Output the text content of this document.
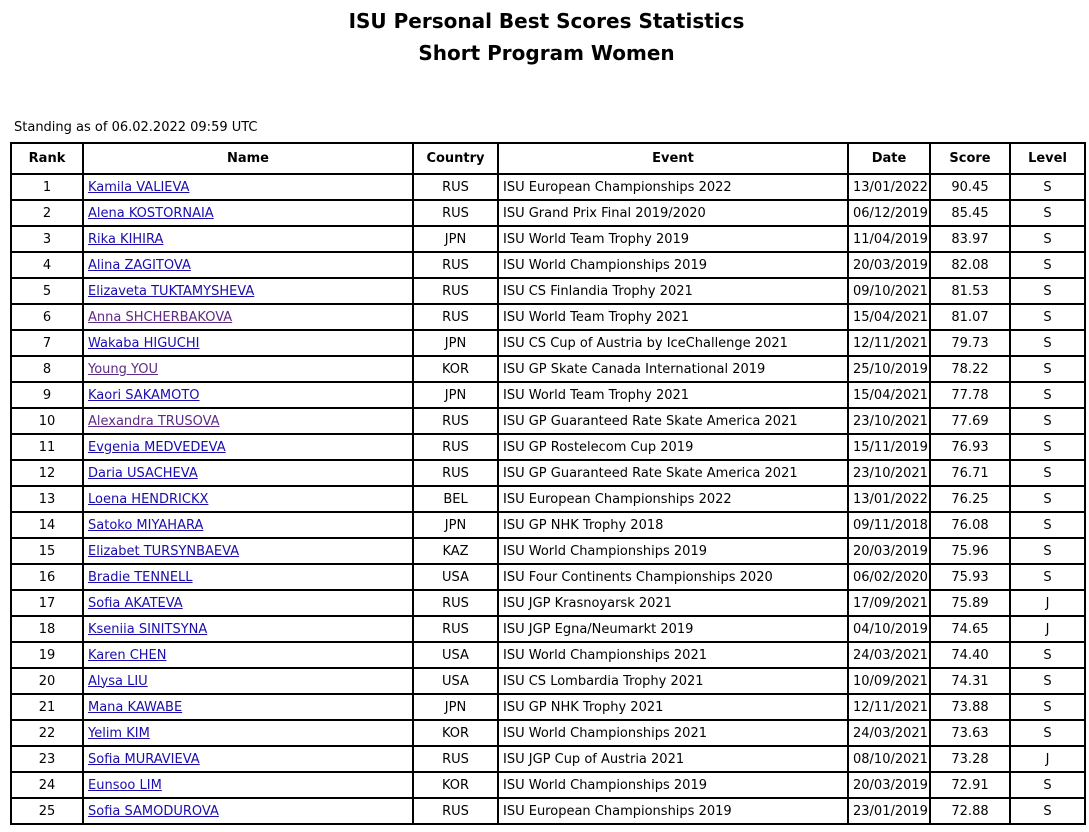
ISU Personal Best Scores Statistics
Short Program Women
Standing as of 06.02.2022 09:59 UTC
Rank	Name	Country	Event	Date	Score	Level
1	Kamila VALIEVA	RUS	ISU European Championships 2022	13/01/2022	90.45	S
2	Alena KOSTORNAIA	RUS	ISU Grand Prix Final 2019/2020	06/12/2019	85.45	S
3	Rika KIHIRA	JPN	ISU World Team Trophy 2019	11/04/2019	83.97	S
4	Alina ZAGITOVA	RUS	ISU World Championships 2019	20/03/2019	82.08	S
5	Elizaveta TUKTAMYSHEVA	RUS	ISU CS Finlandia Trophy 2021	09/10/2021	81.53	S
6	Anna SHCHERBAKOVA	RUS	ISU World Team Trophy 2021	15/04/2021	81.07	S
7	Wakaba HIGUCHI	JPN	ISU CS Cup of Austria by IceChallenge 2021	12/11/2021	79.73	S
8	Young YOU	KOR	ISU GP Skate Canada International 2019	25/10/2019	78.22	S
9	Kaori SAKAMOTO	JPN	ISU World Team Trophy 2021	15/04/2021	77.78	S
10	Alexandra TRUSOVA	RUS	ISU GP Guaranteed Rate Skate America 2021	23/10/2021	77.69	S
11	Evgenia MEDVEDEVA	RUS	ISU GP Rostelecom Cup 2019	15/11/2019	76.93	S
12	Daria USACHEVA	RUS	ISU GP Guaranteed Rate Skate America 2021	23/10/2021	76.71	S
13	Loena HENDRICKX	BEL	ISU European Championships 2022	13/01/2022	76.25	S
14	Satoko MIYAHARA	JPN	ISU GP NHK Trophy 2018	09/11/2018	76.08	S
15	Elizabet TURSYNBAEVA	KAZ	ISU World Championships 2019	20/03/2019	75.96	S
16	Bradie TENNELL	USA	ISU Four Continents Championships 2020	06/02/2020	75.93	S
17	Sofia AKATEVA	RUS	ISU JGP Krasnoyarsk 2021	17/09/2021	75.89	J
18	Kseniia SINITSYNA	RUS	ISU JGP Egna/Neumarkt 2019	04/10/2019	74.65	J
19	Karen CHEN	USA	ISU World Championships 2021	24/03/2021	74.40	S
20	Alysa LIU	USA	ISU CS Lombardia Trophy 2021	10/09/2021	74.31	S
21	Mana KAWABE	JPN	ISU GP NHK Trophy 2021	12/11/2021	73.88	S
22	Yelim KIM	KOR	ISU World Championships 2021	24/03/2021	73.63	S
23	Sofia MURAVIEVA	RUS	ISU JGP Cup of Austria 2021	08/10/2021	73.28	J
24	Eunsoo LIM	KOR	ISU World Championships 2019	20/03/2019	72.91	S
25	Sofia SAMODUROVA	RUS	ISU European Championships 2019	23/01/2019	72.88	S
